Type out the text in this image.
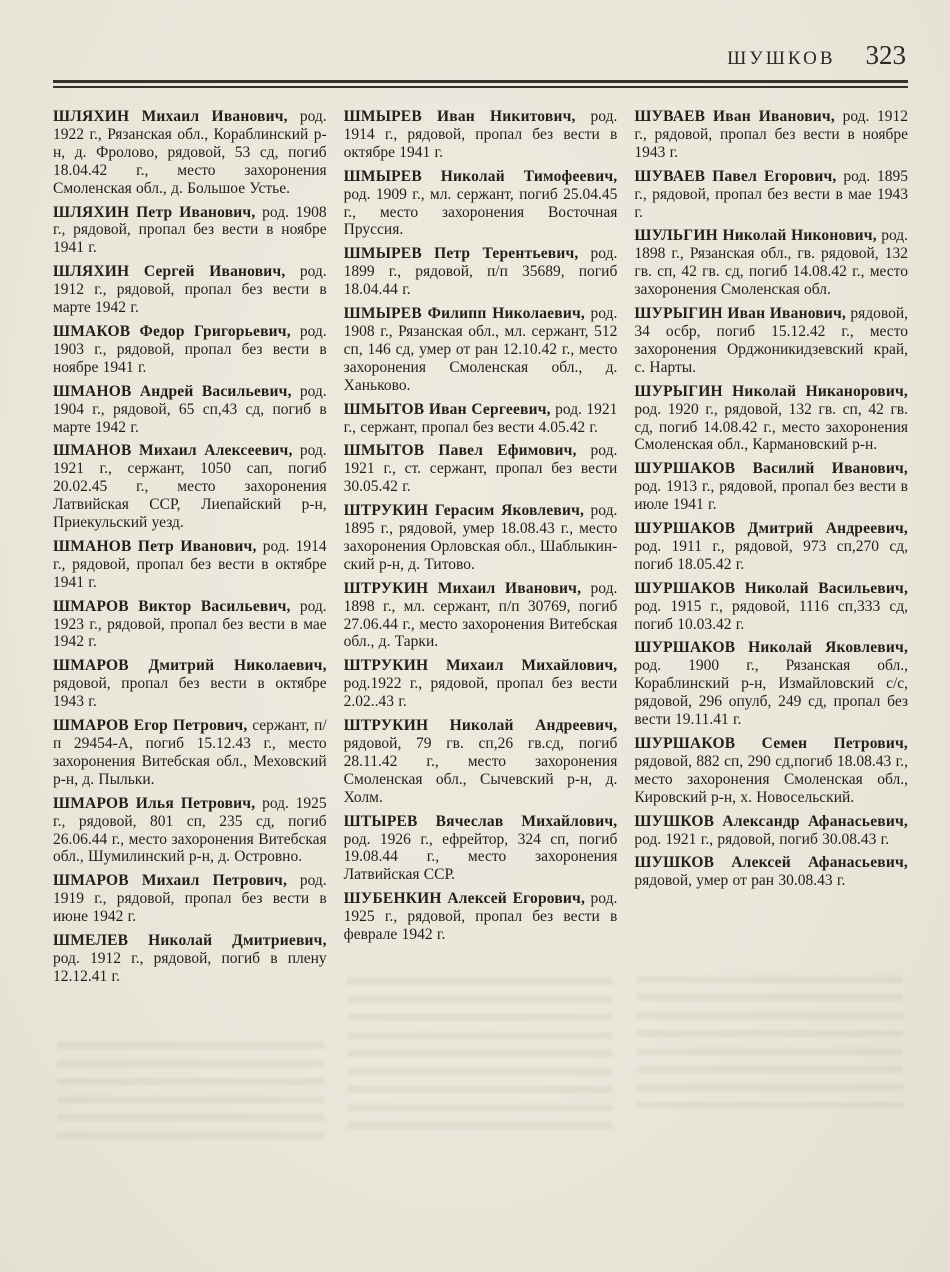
ШУШКОВ 323

ШЛЯХИН Михаил Иванович, род. 1922 г., Рязанская обл., Кораблинский р-н, д. Фролово, рядовой, 53 сд, погиб 18.04.42 г., место захоронения Смоленская обл., д. Большое Устье.

ШЛЯХИН Петр Иванович, род. 1908 г., рядовой, пропал без вести в ноябре 1941 г.

ШЛЯХИН Сергей Иванович, род. 1912 г., рядовой, пропал без вести в марте 1942 г.

ШМАКОВ Федор Григорьевич, род. 1903 г., рядовой, пропал без вести в ноябре 1941 г.

ШМАНОВ Андрей Васильевич, род. 1904 г., рядовой, 65 сп,43 сд, погиб в марте 1942 г.

ШМАНОВ Михаил Алексеевич, род. 1921 г., сержант, 1050 сап, погиб 20.02.45 г., место захоронения Латвийская ССР, Лиепайский р-н, Приекульский уезд.

ШМАНОВ Петр Иванович, род. 1914 г., рядовой, пропал без вести в октябре 1941 г.

ШМАРОВ Виктор Васильевич, род. 1923 г., рядовой, пропал без вести в мае 1942 г.

ШМАРОВ Дмитрий Николаевич, рядовой, пропал без вести в октябре 1943 г.

ШМАРОВ Егор Петрович, сержант, п/п 29454-А, погиб 15.12.43 г., место захоронения Витебская обл., Меховский р-н, д. Пыльки.

ШМАРОВ Илья Петрович, род. 1925 г., рядовой, 801 сп, 235 сд, погиб 26.06.44 г., место захоронения Витебская обл., Шумилинский р-н, д. Островно.

ШМАРОВ Михаил Петрович, род. 1919 г., рядовой, пропал без вести в июне 1942 г.

ШМЕЛЕВ Николай Дмитриевич, род. 1912 г., рядовой, погиб в плену 12.12.41 г.

ШМЫРЕВ Иван Никитович, род. 1914 г., рядовой, пропал без вести в октябре 1941 г.

ШМЫРЕВ Николай Тимофеевич, род. 1909 г., мл. сержант, погиб 25.04.45 г., место захоронения Восточная Пруссия.

ШМЫРЕВ Петр Терентьевич, род. 1899 г., рядовой, п/п 35689, погиб 18.04.44 г.

ШМЫРЕВ Филипп Николаевич, род. 1908 г., Рязанская обл., мл. сержант, 512 сп, 146 сд, умер от ран 12.10.42 г., место захоронения Смоленская обл., д. Ханьково.

ШМЫТОВ Иван Сергеевич, род. 1921 г., сержант, пропал без вести 4.05.42 г.

ШМЫТОВ Павел Ефимович, род. 1921 г., ст. сержант, пропал без вести 30.05.42 г.

ШТРУКИН Герасим Яковлевич, род. 1895 г., рядовой, умер 18.08.43 г., место захоронения Орловская обл., Шаблыкин-ский р-н, д. Титово.

ШТРУКИН Михаил Иванович, род. 1898 г., мл. сержант, п/п 30769, погиб 27.06.44 г., место захоронения Витебская обл., д. Тарки.

ШТРУКИН Михаил Михайлович, род.1922 г., рядовой, пропал без вести 2.02..43 г.

ШТРУКИН Николай Андреевич, рядовой, 79 гв. сп,26 гв.сд, погиб 28.11.42 г., место захоронения Смоленская обл., Сычевский р-н, д. Холм.

ШТЫРЕВ Вячеслав Михайлович, род. 1926 г., ефрейтор, 324 сп, погиб 19.08.44 г., место захоронения Латвийская ССР.

ШУБЕНКИН Алексей Егорович, род. 1925 г., рядовой, пропал без вести в феврале 1942 г.

ШУВАЕВ Иван Иванович, род. 1912 г., рядовой, пропал без вести в ноябре 1943 г.

ШУВАЕВ Павел Егорович, род. 1895 г., рядовой, пропал без вести в мае 1943 г.

ШУЛЬГИН Николай Никонович, род. 1898 г., Рязанская обл., гв. рядовой, 132 гв. сп, 42 гв. сд, погиб 14.08.42 г., место захоронения Смоленская обл.

ШУРЫГИН Иван Иванович, рядовой, 34 осбр, погиб 15.12.42 г., место захоронения Орджоникидзевский край, с. Нарты.

ШУРЫГИН Николай Никанорович, род. 1920 г., рядовой, 132 гв. сп, 42 гв. сд, погиб 14.08.42 г., место захоронения Смоленская обл., Кармановский р-н.

ШУРШАКОВ Василий Иванович, род. 1913 г., рядовой, пропал без вести в июле 1941 г.

ШУРШАКОВ Дмитрий Андреевич, род. 1911 г., рядовой, 973 сп,270 сд, погиб 18.05.42 г.

ШУРШАКОВ Николай Васильевич, род. 1915 г., рядовой, 1116 сп,333 сд, погиб 10.03.42 г.

ШУРШАКОВ Николай Яковлевич, род. 1900 г., Рязанская обл., Кораблинский р-н, Измайловский с/с, рядовой, 296 опулб, 249 сд, пропал без вести 19.11.41 г.

ШУРШАКОВ Семен Петрович, рядовой, 882 сп, 290 сд,погиб 18.08.43 г., место захоронения Смоленская обл., Кировский р-н, х. Новосельский.

ШУШКОВ Александр Афанасьевич, род. 1921 г., рядовой, погиб 30.08.43 г.

ШУШКОВ Алексей Афанасьевич, рядовой, умер от ран 30.08.43 г.
